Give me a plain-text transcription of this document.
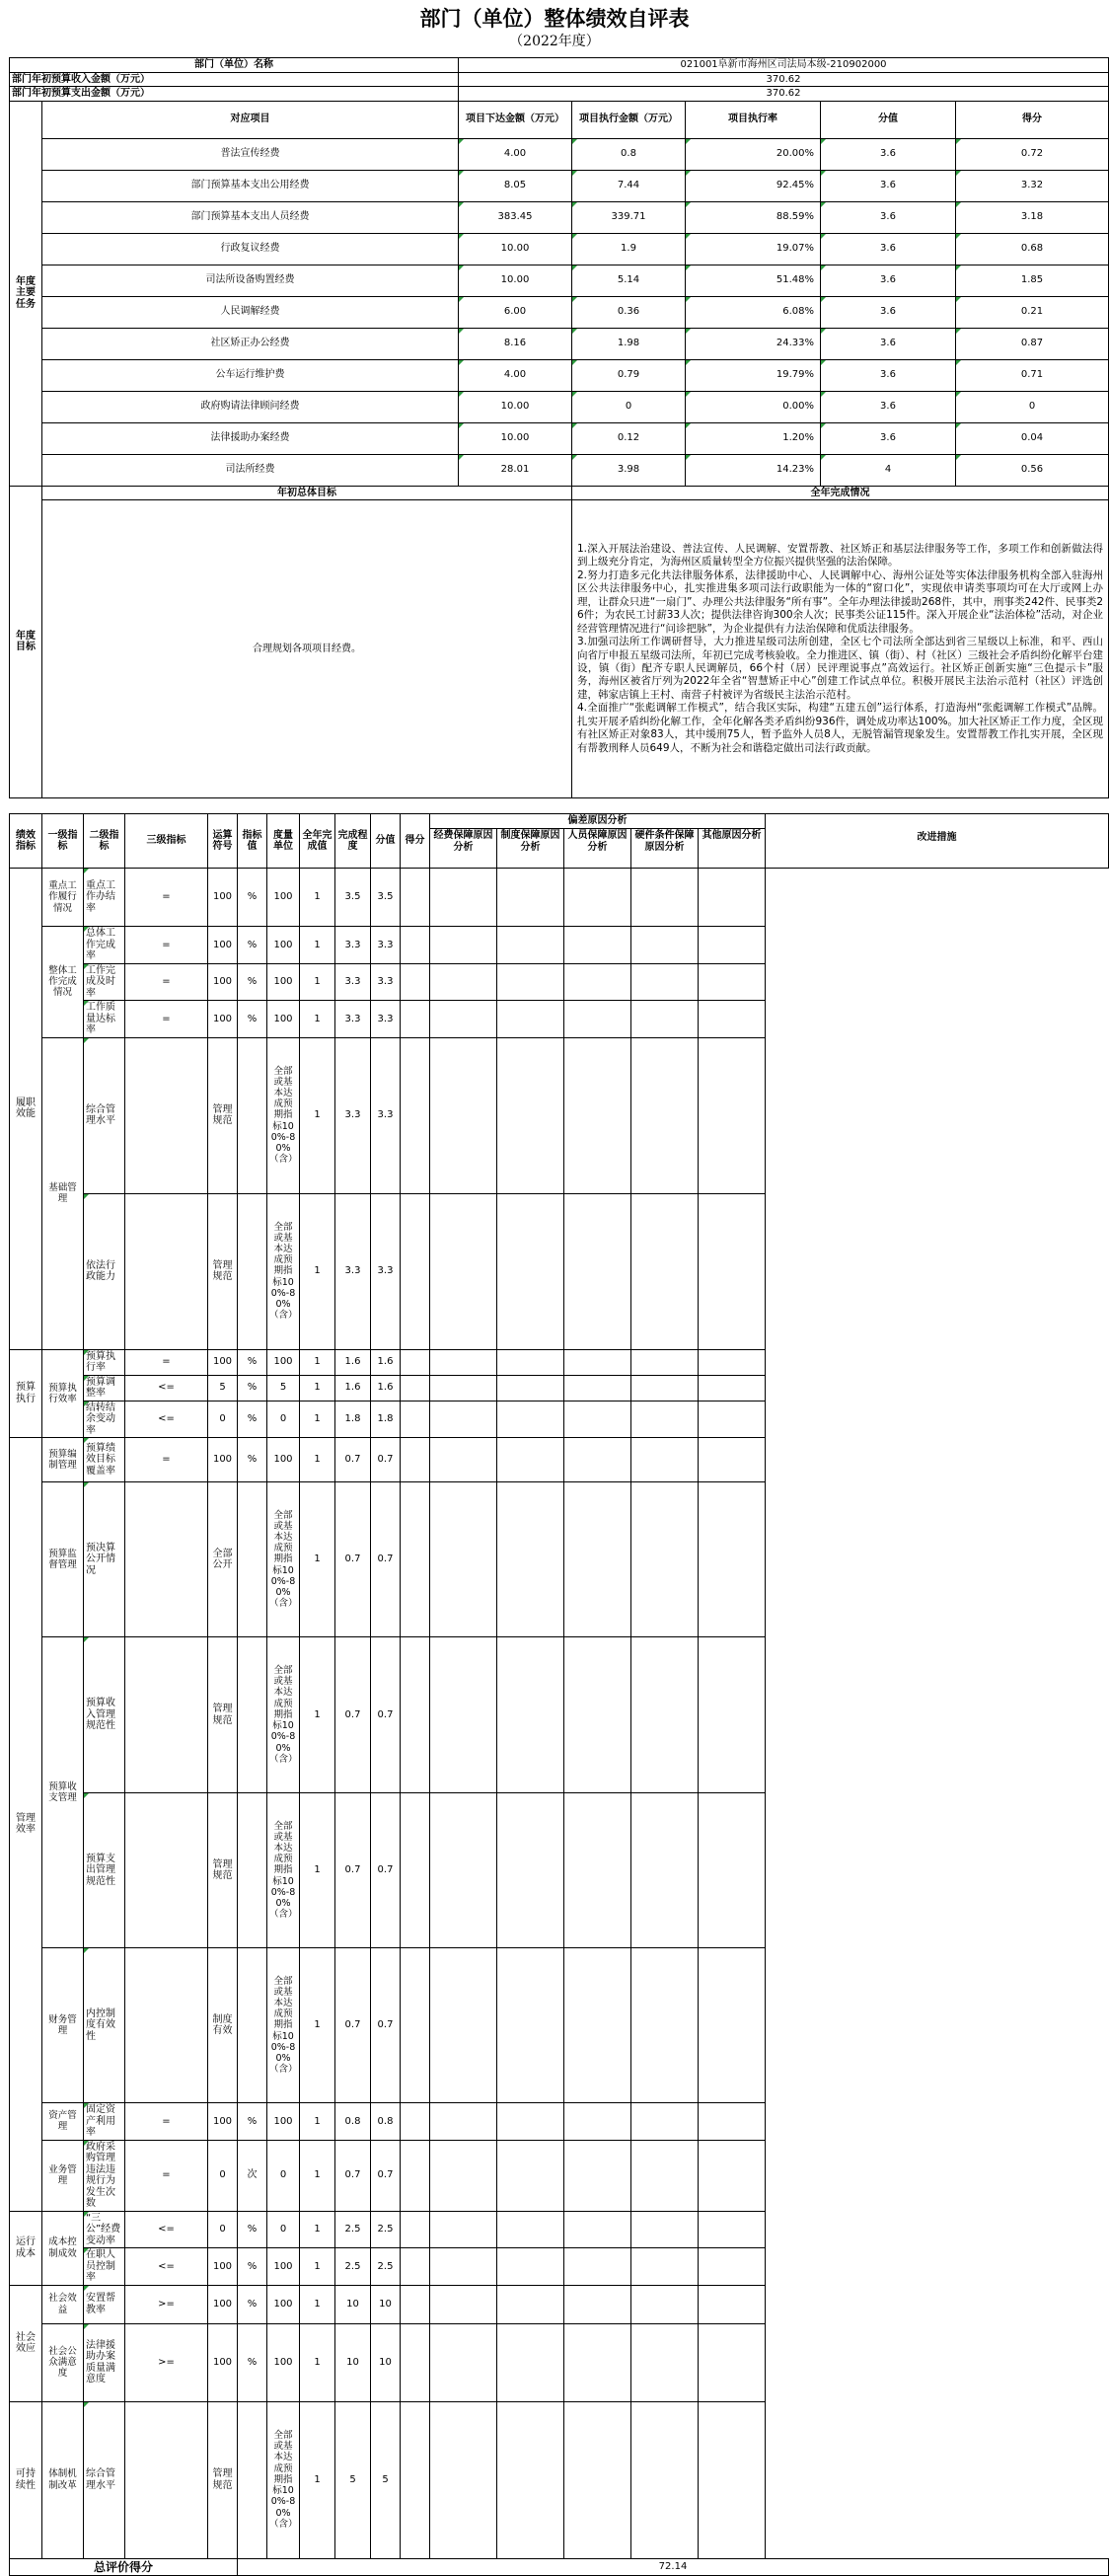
部门（单位）整体绩效自评表
（2022年度）
部门（单位）名称		021001阜新市海州区司法局本级-210902000				
部门年初预算收入金额（万元）		370.62				
部门年初预算支出金额（万元）		370.62				
年度主要任务	对应项目	项目下达金额（万元）	项目执行金额（万元）	项目执行率	分值	得分
	普法宣传经费	4.00	0.8	20.00%	3.6	0.72
	部门预算基本支出公用经费	8.05	7.44	92.45%	3.6	3.32
	部门预算基本支出人员经费	383.45	339.71	88.59%	3.6	3.18
	行政复议经费	10.00	1.9	19.07%	3.6	0.68
	司法所设备购置经费	10.00	5.14	51.48%	3.6	1.85
	人民调解经费	6.00	0.36	6.08%	3.6	0.21
	社区矫正办公经费	8.16	1.98	24.33%	3.6	0.87
	公车运行维护费	4.00	0.79	19.79%	3.6	0.71
	政府购请法律顾问经费	10.00	0	0.00%	3.6	0
	法律援助办案经费	10.00	0.12	1.20%	3.6	0.04
	司法所经费	28.01	3.98	14.23%	4	0.56
年度目标	年初总体目标		全年完成情况			
	合理规划各项项目经费。		1.深入开展法治建设、普法宣传、人民调解、安置帮教、社区矫正和基层法律服务等工作，多项工作和创新做法得到上级充分肯定，为海州区质量转型全方位振兴提供坚强的法治保障。

2.努力打造多元化共法律服务体系，法律援助中心、人民调解中心、海州公证处等实体法律服务机构全部入驻海州区公共法律服务中心，扎实推进集多项司法行政职能为一体的“窗口化”，实现依申请类事项均可在大厅或网上办理，让群众只进“一扇门”、办理公共法律服务“所有事”。全年办理法律援助268件，其中，刑事类242件、民事类26件；为农民工讨薪33人次；提供法律咨询300余人次；民事类公证115件。深入开展企业“法治体检”活动，对企业经营管理情况进行“问诊把脉”，为企业提供有力法治保障和优质法律服务。

3.加强司法所工作调研督导，大力推进星级司法所创建，全区七个司法所全部达到省三星级以上标准，和平、西山向省厅申报五星级司法所，年初已完成考核验收。全力推进区、镇（街）、村（社区）三级社会矛盾纠纷化解平台建设，镇（街）配齐专职人民调解员，66个村（居）民评理说事点”高效运行。社区矫正创新实施“三色提示卡”服务，海州区被省厅列为2022年全省“智慧矫正中心”创建工作试点单位。积极开展民主法治示范村（社区）评选创建，韩家店镇上王村、南营子村被评为省级民主法治示范村。

4.全面推广“张彪调解工作模式”，结合我区实际，构建“五建五创”运行体系，打造海州“张彪调解工作模式”品牌。扎实开展矛盾纠纷化解工作，全年化解各类矛盾纠纷936件，调处成功率达100%。加大社区矫正工作力度，全区现有社区矫正对象83人，其中缓刑75人，暂予监外人员8人，无脱管漏管现象发生。安置帮教工作扎实开展，全区现有帮教刑释人员649人，不断为社会和谐稳定做出司法行政贡献。			

绩效指标	一级指标	二级指标	三级指标	运算符号	指标值	度量单位	全年完成值	完成程度	分值	得分	偏差原因分析					改进措施
											经费保障原因分析	制度保障原因分析	人员保障原因分析	硬件条件保障原因分析	其他原因分析	
履职效能	重点工作履行情况	重点工作办结率	=	100	%	100	1	3.5	3.5							
	整体工作完成情况	总体工作完成率	=	100	%	100	1	3.3	3.3							
		工作完成及时率	=	100	%	100	1	3.3	3.3							
		工作质量达标率	=	100	%	100	1	3.3	3.3							
	基础管理	综合管理水平		管理规范		全部或基本达成预期指标100%-80%（含）	1	3.3	3.3							
		依法行政能力		管理规范		全部或基本达成预期指标100%-80%（含）	1	3.3	3.3							
预算执行	预算执行效率	预算执行率	=	100	%	100	1	1.6	1.6							
		预算调整率	<=	5	%	5	1	1.6	1.6							
		结转结余变动率	<=	0	%	0	1	1.8	1.8							
管理效率	预算编制管理	预算绩效目标覆盖率	=	100	%	100	1	0.7	0.7							
	预算监督管理	预决算公开情况		全部公开		全部或基本达成预期指标100%-80%（含）	1	0.7	0.7							
	预算收支管理	预算收入管理规范性		管理规范		全部或基本达成预期指标100%-80%（含）	1	0.7	0.7							
		预算支出管理规范性		管理规范		全部或基本达成预期指标100%-80%（含）	1	0.7	0.7							
	财务管理	内控制度有效性		制度有效		全部或基本达成预期指标100%-80%（含）	1	0.7	0.7							
	资产管理	固定资产利用率	=	100	%	100	1	0.8	0.8							
	业务管理	政府采购管理违法违规行为发生次数	=	0	次	0	1	0.7	0.7							
运行成本	成本控制成效	“三公”经费变动率	<=	0	%	0	1	2.5	2.5							
		在职人员控制率	<=	100	%	100	1	2.5	2.5							
社会效应	社会效益	安置帮教率	>=	100	%	100	1	10	10							
	社会公众满意度	法律援助办案质量满意度	>=	100	%	100	1	10	10							
可持续性	体制机制改革	综合管理水平		管理规范		全部或基本达成预期指标100%-80%（含）	1	5	5							
总评价得分					72.14											
